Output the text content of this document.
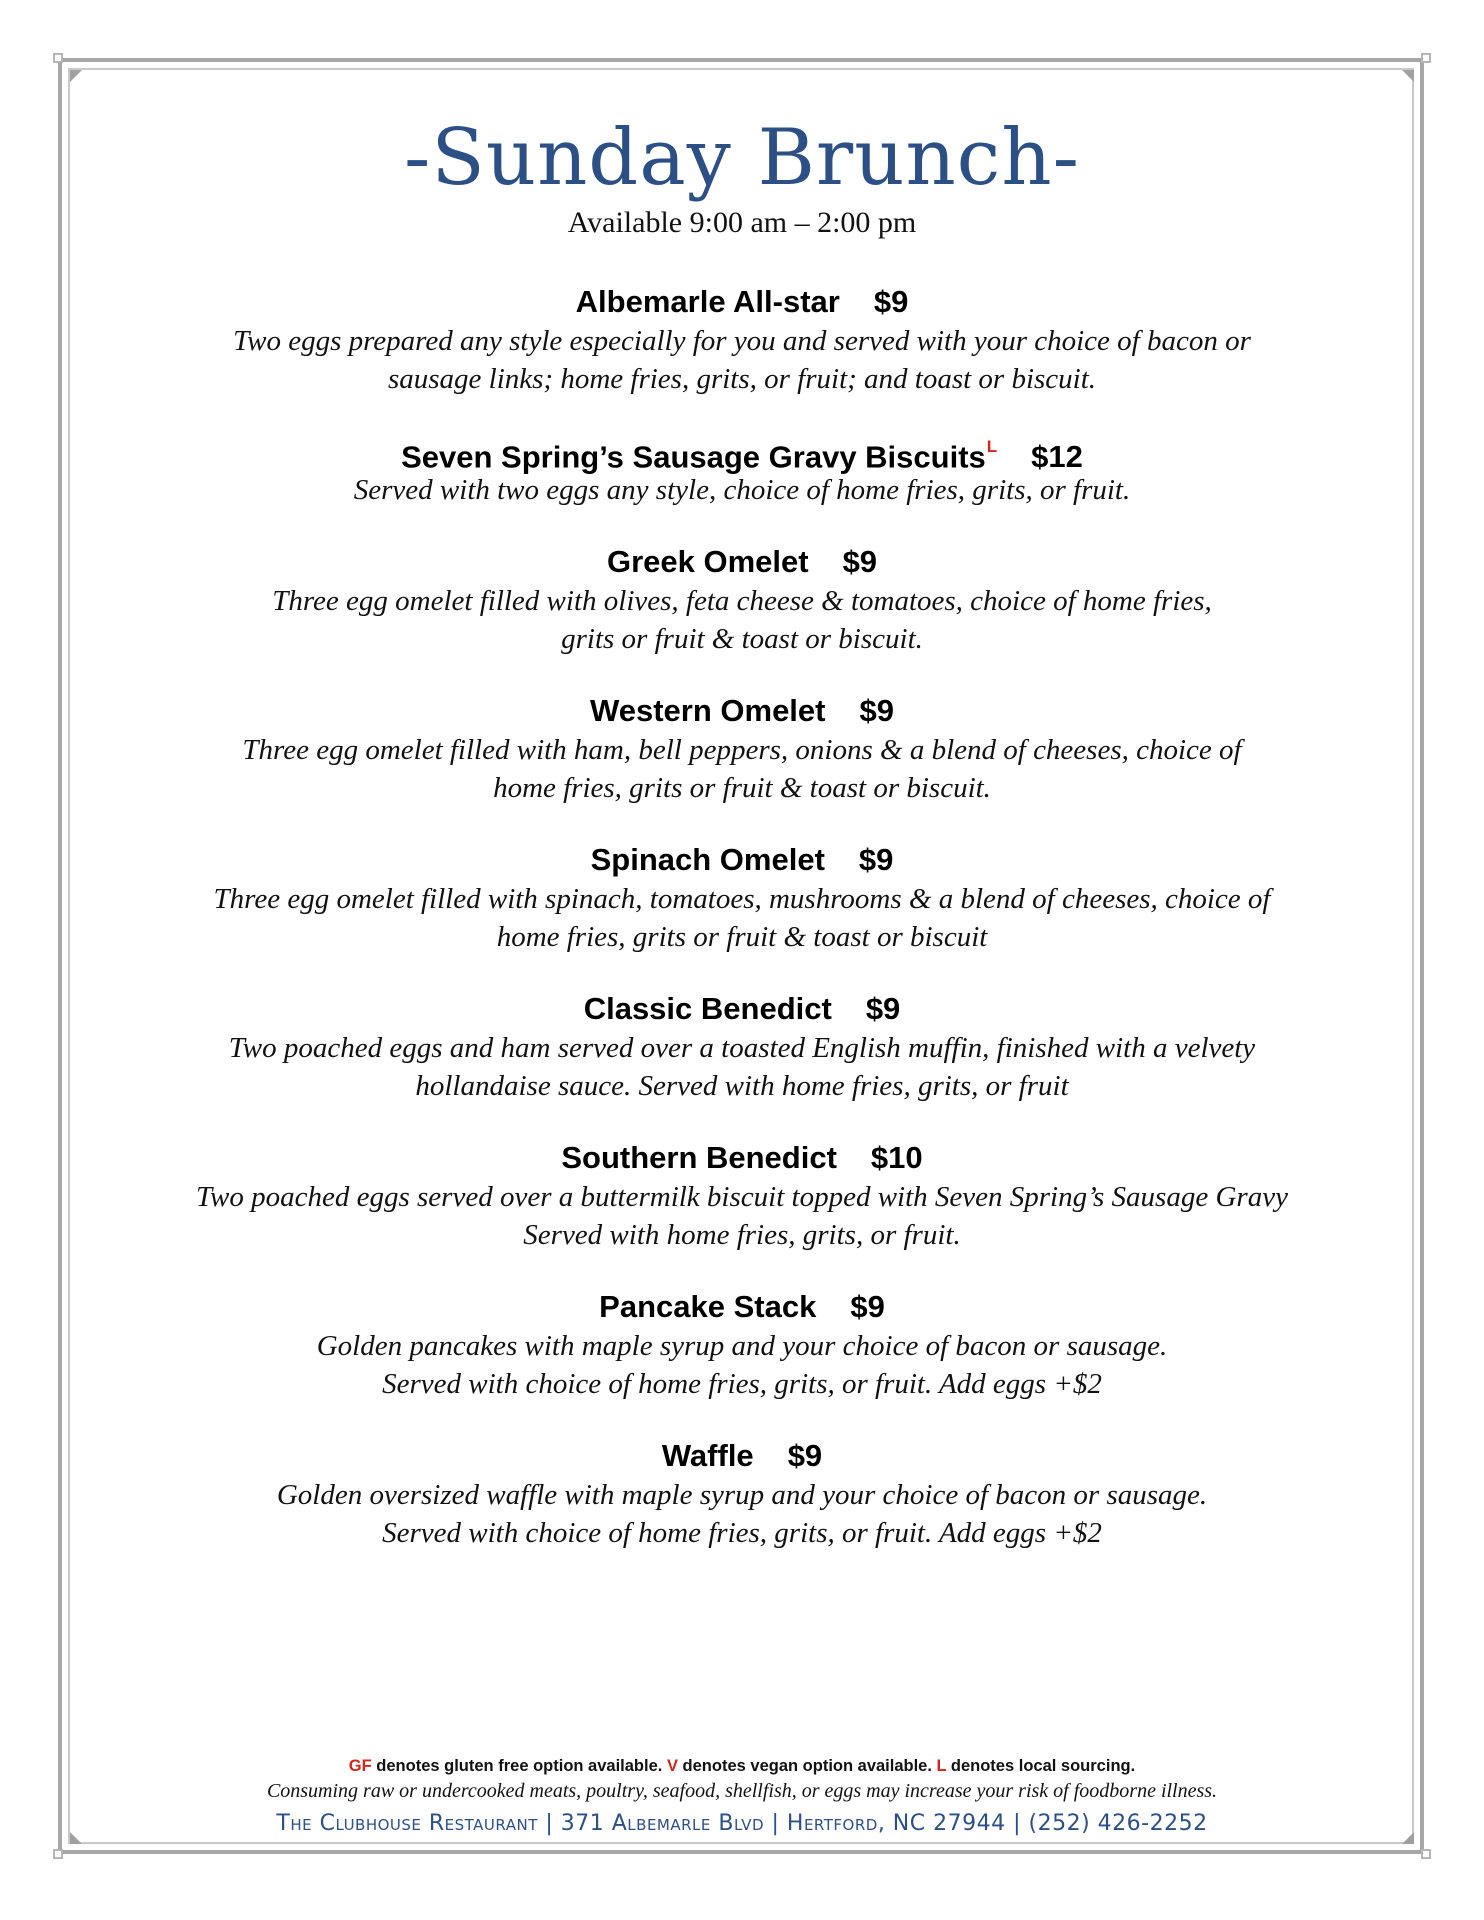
-Sunday Brunch-
Available 9:00 am – 2:00 pm
Albemarle All-star $9
Two eggs prepared any style especially for you and served with your choice of bacon or
sausage links; home fries, grits, or fruit; and toast or biscuit.
Seven Spring’s Sausage Gravy Biscuits$^L$ $12
Served with two eggs any style, choice of home fries, grits, or fruit.
Greek Omelet $9
Three egg omelet filled with olives, feta cheese & tomatoes, choice of home fries,
grits or fruit & toast or biscuit.
Western Omelet $9
Three egg omelet filled with ham, bell peppers, onions & a blend of cheeses, choice of
home fries, grits or fruit & toast or biscuit.
Spinach Omelet $9
Three egg omelet filled with spinach, tomatoes, mushrooms & a blend of cheeses, choice of
home fries, grits or fruit & toast or biscuit
Classic Benedict $9
Two poached eggs and ham served over a toasted English muffin, finished with a velvety
hollandaise sauce. Served with home fries, grits, or fruit
Southern Benedict $10
Two poached eggs served over a buttermilk biscuit topped with Seven Spring’s Sausage Gravy
Served with home fries, grits, or fruit.
Pancake Stack $9
Golden pancakes with maple syrup and your choice of bacon or sausage.
Served with choice of home fries, grits, or fruit. Add eggs +$2
Waffle $9
Golden oversized waffle with maple syrup and your choice of bacon or sausage.
Served with choice of home fries, grits, or fruit. Add eggs +$2
GF denotes gluten free option available. V denotes vegan option available. L denotes local sourcing.
Consuming raw or undercooked meats, poultry, seafood, shellfish, or eggs may increase your risk of foodborne illness.
The Clubhouse Restaurant | 371 Albemarle Blvd | Hertford, NC 27944 | (252) 426-2252
